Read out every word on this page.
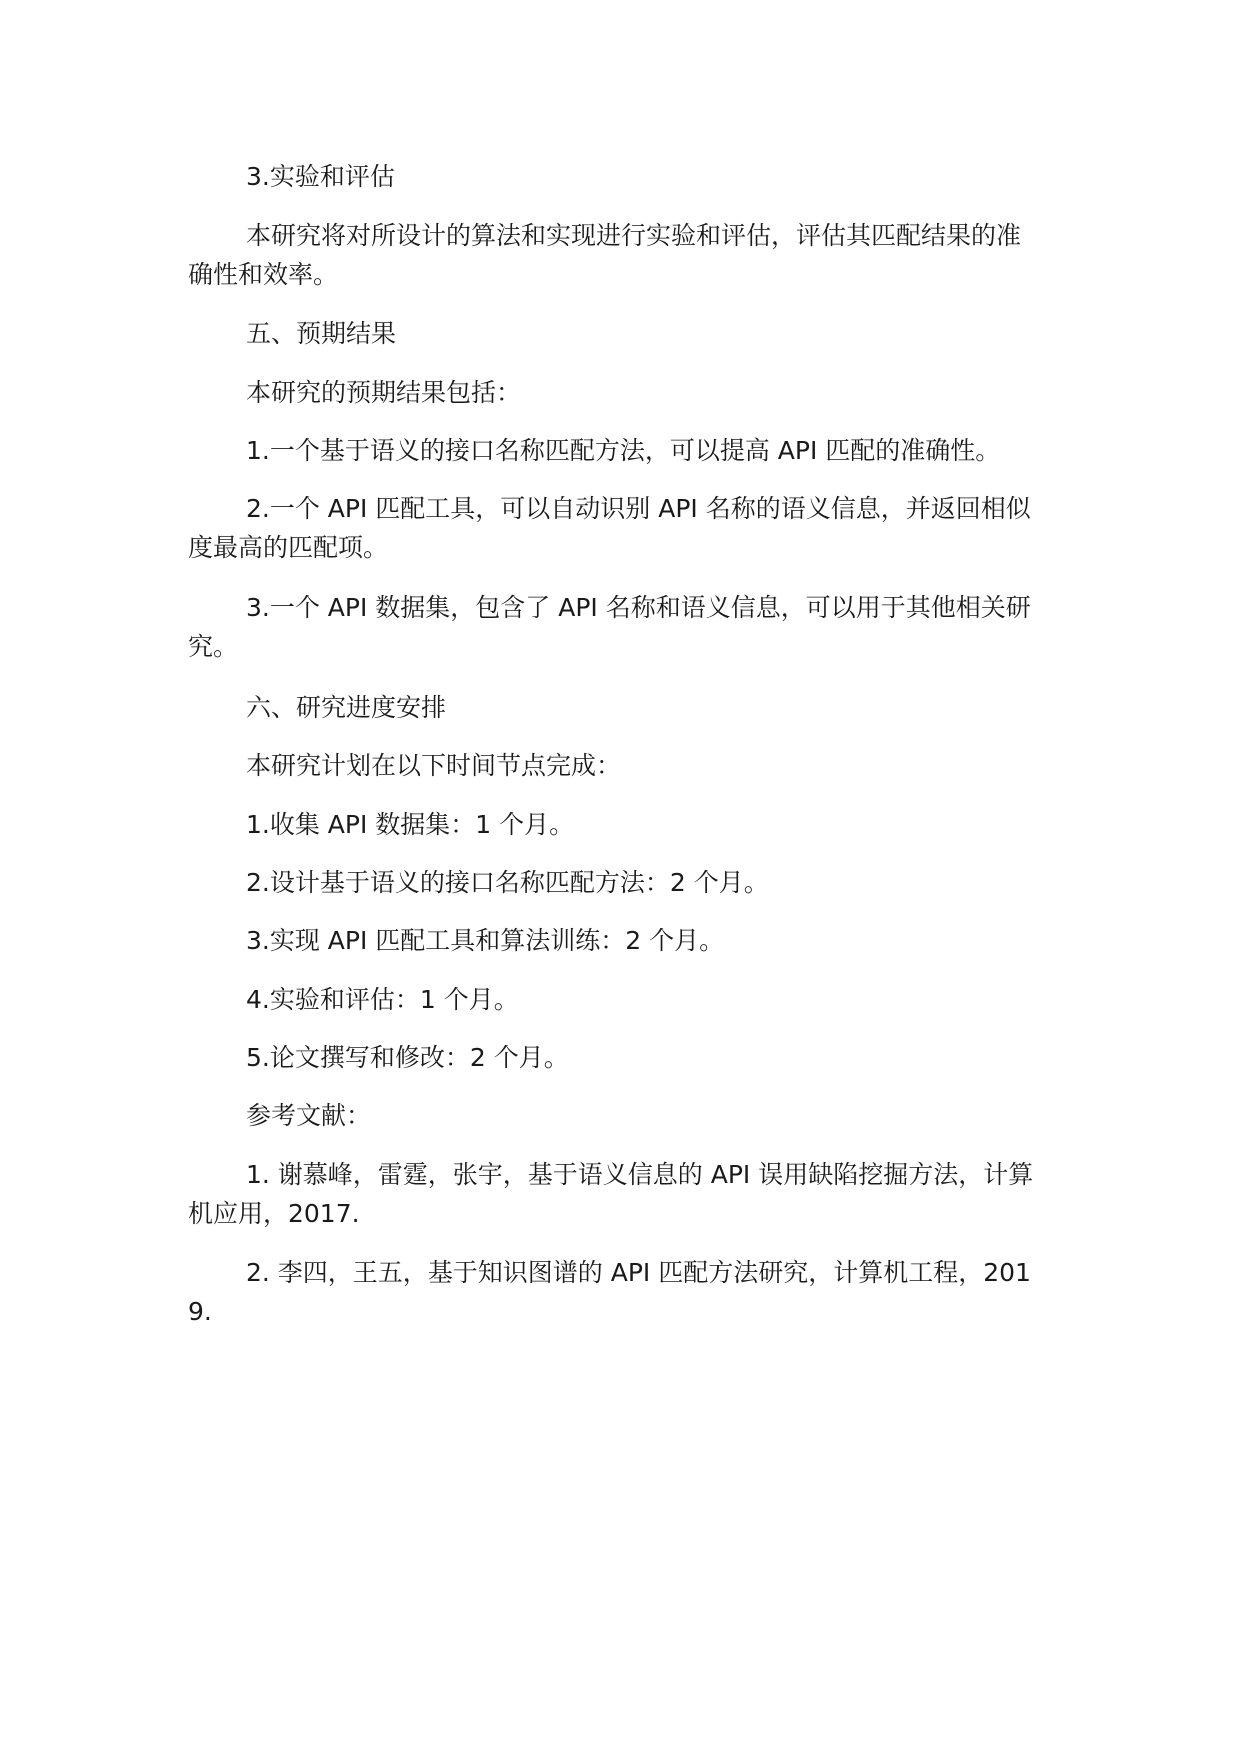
3.实验和评估
本研究将对所设计的算法和实现进行实验和评估，评估其匹配结果的准确性和效率。
五、预期结果
本研究的预期结果包括：
1.一个基于语义的接口名称匹配方法，可以提高 API 匹配的准确性。
2.一个 API 匹配工具，可以自动识别 API 名称的语义信息，并返回相似度最高的匹配项。
3.一个 API 数据集，包含了 API 名称和语义信息，可以用于其他相关研究。
六、研究进度安排
本研究计划在以下时间节点完成：
1.收集 API 数据集：1 个月。
2.设计基于语义的接口名称匹配方法：2 个月。
3.实现 API 匹配工具和算法训练：2 个月。
4.实验和评估：1 个月。
5.论文撰写和修改：2 个月。
参考文献：
1. 谢慕峰，雷霆，张宇，基于语义信息的 API 误用缺陷挖掘方法，计算机应用，2017.
2. 李四，王五，基于知识图谱的 API 匹配方法研究，计算机工程，2019.
